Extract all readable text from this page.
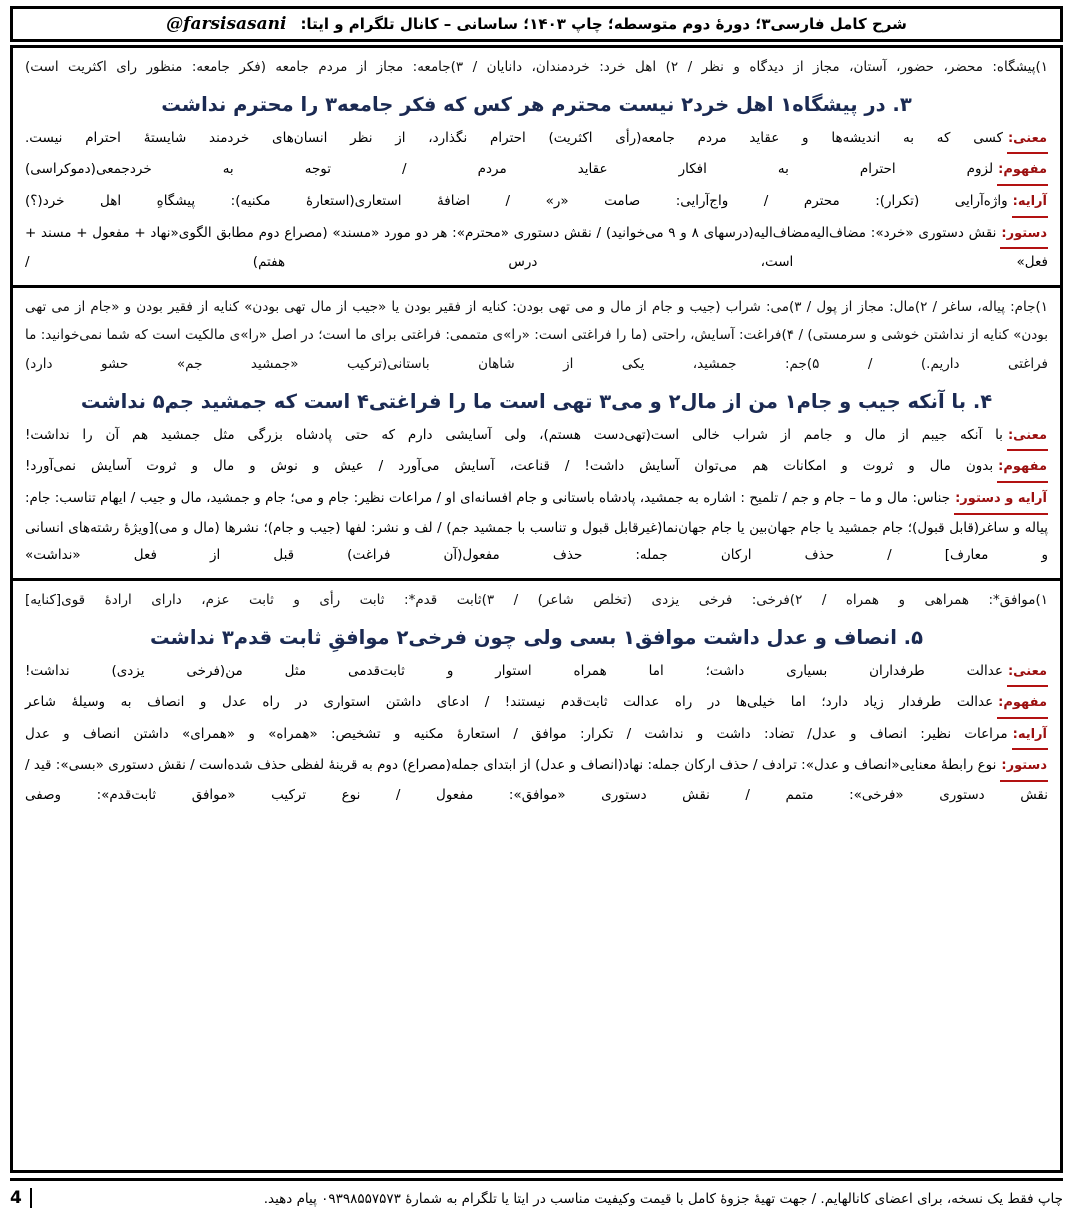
شرح کامل فارسی۳؛ دورهٔ دوم متوسطه؛ چاپ ۱۴۰۳؛ ساسانی – کانال تلگرام و ایتا:
@farsisasani
۱)پیشگاه: محضر، حضور، آستان، مجاز از دیدگاه و نظر / ۲) اهل خرد: خردمندان، دانایان / ۳)جامعه: مجاز از مردم جامعه (فکر جامعه: منظور رای اکثریت است)
۳. در پیشگاه۱ اهل خرد۲ نیست محترم هر کس که فکر جامعه۳ را محترم نداشت
معنی:کسی که به اندیشه‌ها و عقاید مردم جامعه(رأی اکثریت) احترام نگذارد، از نظر انسان‌های خردمند شایستهٔ احترام نیست.
مفهوم:لزوم احترام به افکار عقاید مردم / توجه به خردجمعی(دموکراسی)
آرایه:واژه‌آرایی (تکرار): محترم / واج‌آرایی: صامت «ر» / اضافهٔ استعاری(استعارهٔ مکنیه): پیشگاهِ اهل خرد(؟)
دستور:نقش دستوری «خرد»: مضاف‌الیه‌مضاف‌الیه(درسهای ۸ و ۹ می‌خوانید) / نقش دستوری «محترم»: هر دو مورد «مسند» (مصراع دوم مطابق الگوی«نهاد + مفعول + مسند + فعل» است، درس هفتم) /
۱)جام: پیاله، ساغر / ۲)مال: مجاز از پول / ۳)می: شراب (جیب و جام از مال و می تهی بودن: کنایه از فقیر بودن یا «جیب از مال تهی بودن» کنایه از فقیر بودن و «جام از می تهی بودن» کنایه از نداشتن خوشی و سرمستی) / ۴)فراغت: آسایش، راحتی (ما را فراغتی است: «را»ی متممی: فراغتی برای ما است؛ در اصل «را»ی مالکیت است که شما نمی‌خوانید: ما فراغتی داریم.) / ۵)جم: جمشید، یکی از شاهان باستانی(ترکیب «جمشید جم» حشو دارد)
۴. با آنکه جیب و جام۱ من از مال۲ و می۳ تهی است ما را فراغتی۴ است که جمشید جم۵ نداشت
معنی:با آنکه جیبم از مال و جامم از شراب خالی است(تهی‌دست هستم)، ولی آسایشی دارم که حتی پادشاه بزرگی مثل جمشید هم آن را نداشت!
مفهوم:بدون مال و ثروت و امکانات هم می‌توان آسایش داشت! / قناعت، آسایش می‌آورد / عیش و نوش و مال و ثروت آسایش نمی‌آورد!
آرایه و دستور:جناس: مال و ما – جام و جم / تلمیح : اشاره به جمشید، پادشاه باستانی و جام افسانه‌ای او / مراعات نظیر: جام و می؛ جام و جمشید، مال و جیب / ایهام تناسب: جام: پیاله و ساغر(قابل قبول)؛ جام جمشید یا جام جهان‌بین یا جام جهان‌نما(غیرقابل قبول و تناسب با جمشید جم) / لف و نشر: لفها (جیب و جام)؛ نشرها (مال و می)[ویژهٔ رشته‌های انسانی و معارف] / حذف ارکان جمله: حذف مفعول(آن فراغت) قبل از فعل «نداشت»
۱)موافق*: همراهی و همراه / ۲)فرخی: فرخی یزدی (تخلص شاعر) / ۳)ثابت قدم*: ثابت رأی و ثابت عزم، دارای ارادهٔ قوی[کنایه]
۵. انصاف و عدل داشت موافق۱ بسی ولی چون فرخی۲ موافقِ ثابت قدم۳ نداشت
معنی:عدالت طرفداران بسیاری داشت؛ اما همراه استوار و ثابت‌قدمی مثل من(فرخی یزدی) نداشت!
مفهوم:عدالت طرفدار زیاد دارد؛ اما خیلی‌ها در راه عدالت ثابت‌قدم نیستند! / ادعای داشتن استواری در راه عدل و انصاف به وسیلهٔ شاعر
آرایه:مراعات نظیر: انصاف و عدل/ تضاد: داشت و نداشت / تکرار: موافق / استعارهٔ مکنیه و تشخیص: «همراه» و «همرای» داشتن انصاف و عدل
دستور:نوع رابطهٔ معنایی«انصاف و عدل»: ترادف / حذف ارکان جمله: نهاد(انصاف و عدل) از ابتدای جمله(مصراع) دوم به قرینهٔ لفظی حذف شده‌است / نقش دستوری «بسی»: قید / نقش دستوری «فرخی»: متمم / نقش دستوری «موافق»: مفعول / نوع ترکیب «موافق ثابت‌قدم»: وصفی
4	چاپ فقط یک نسخه، برای اعضای کانالهایم. / جهت تهیهٔ جزوهٔ کامل با قیمت وکیفیت مناسب در ایتا یا تلگرام به شمارهٔ ۰۹۳۹۸۵۵۷۵۷۳ پیام دهید.
